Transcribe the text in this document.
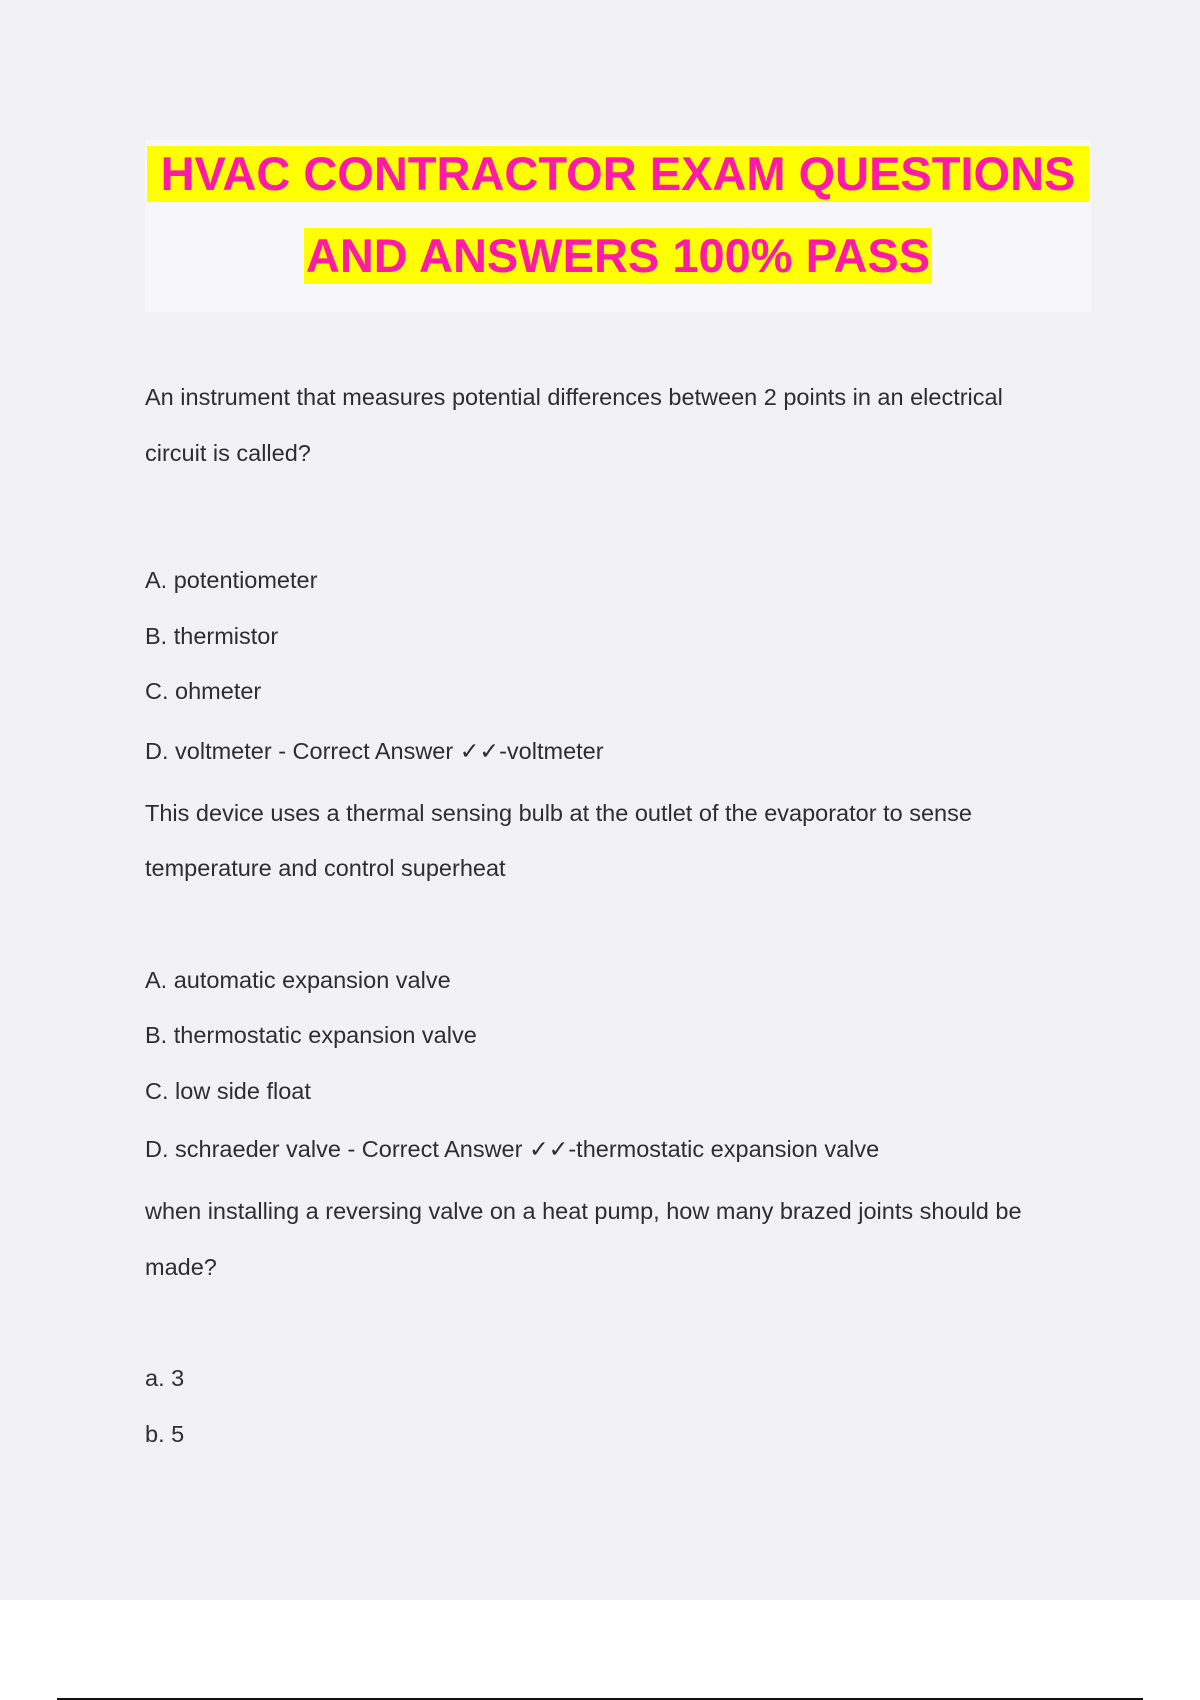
HVAC CONTRACTOR EXAM QUESTIONS
AND ANSWERS 100% PASS
An instrument that measures potential differences between 2 points in an electrical
circuit is called?
A. potentiometer
B. thermistor
C. ohmeter
D. voltmeter - Correct Answer ✓✓-voltmeter
This device uses a thermal sensing bulb at the outlet of the evaporator to sense
temperature and control superheat
A. automatic expansion valve
B. thermostatic expansion valve
C. low side float
D. schraeder valve - Correct Answer ✓✓-thermostatic expansion valve
when installing a reversing valve on a heat pump, how many brazed joints should be
made?
a. 3
b. 5
